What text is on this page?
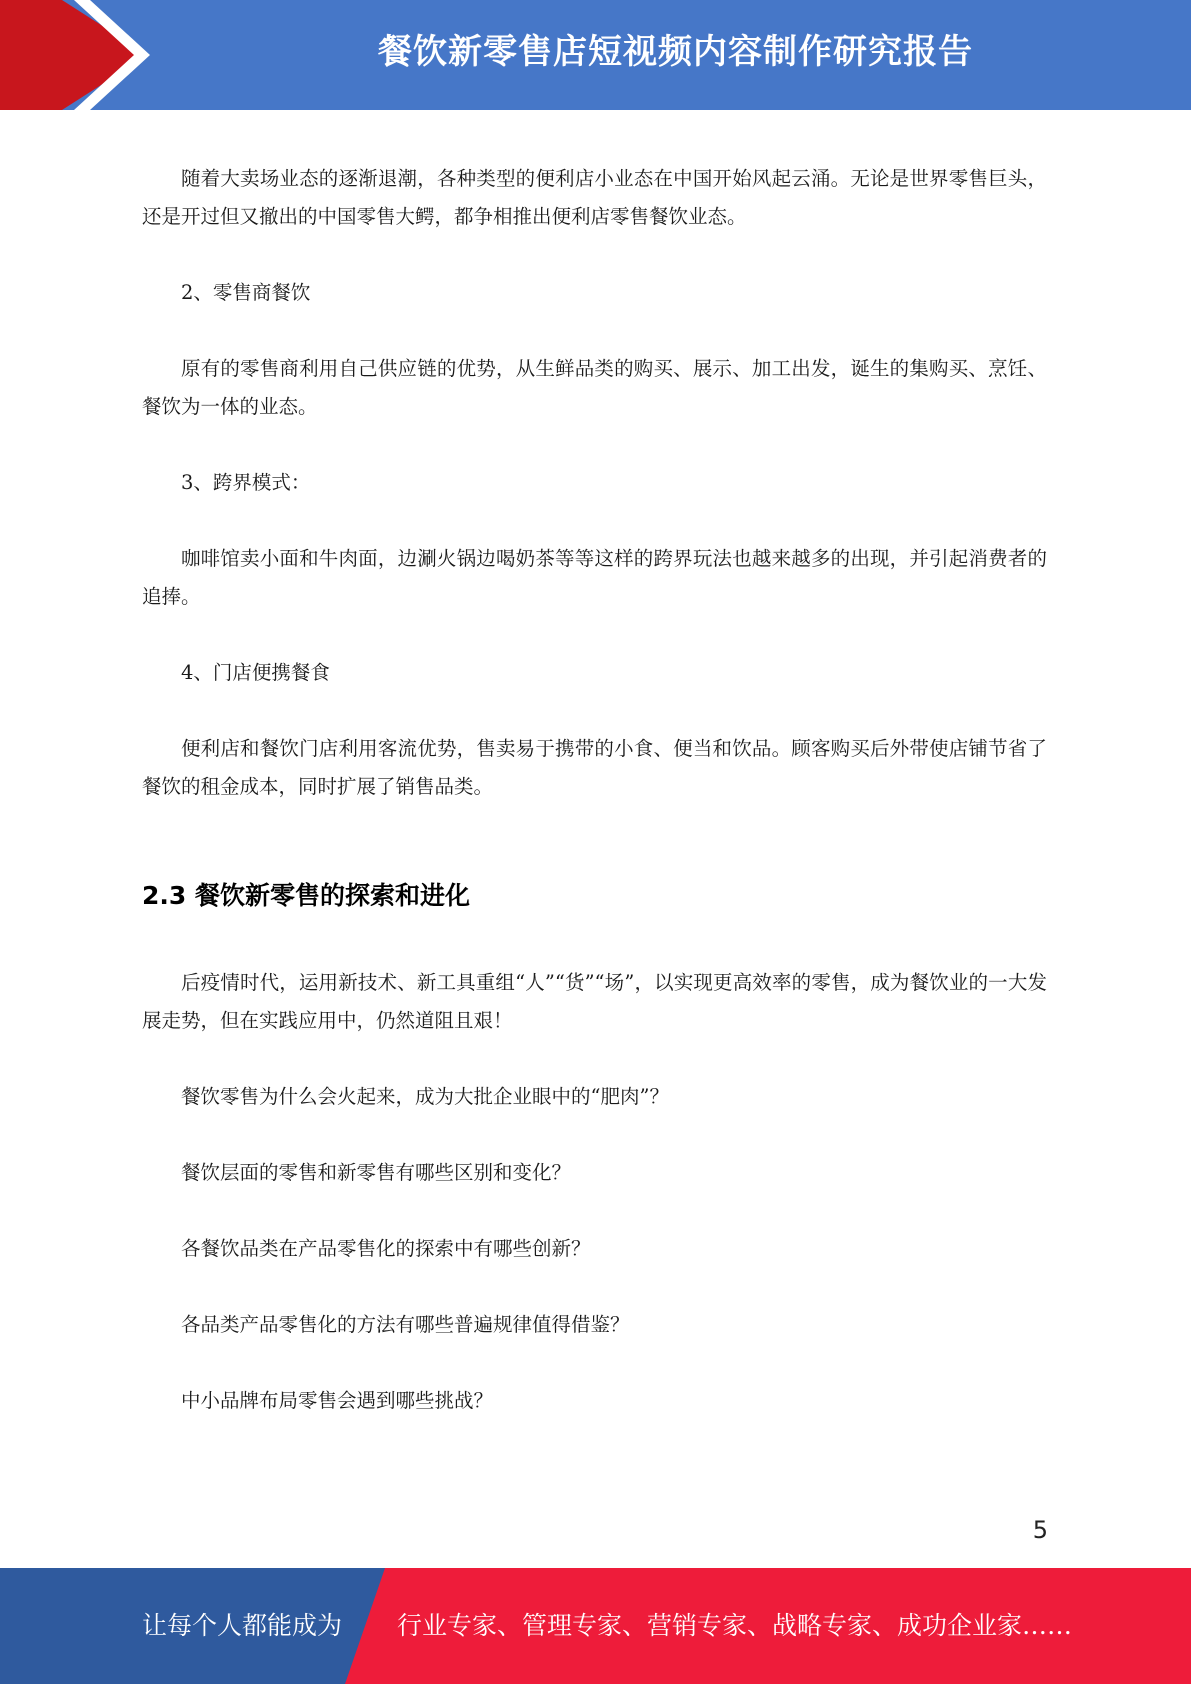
餐饮新零售店短视频内容制作研究报告

随着大卖场业态的逐渐退潮，各种类型的便利店小业态在中国开始风起云涌。无论是世界零售巨头，还是开过但又撤出的中国零售大鳄，都争相推出便利店零售餐饮业态。

2、零售商餐饮

原有的零售商利用自己供应链的优势，从生鲜品类的购买、展示、加工出发，诞生的集购买、烹饪、餐饮为一体的业态。

3、跨界模式：

咖啡馆卖小面和牛肉面，边涮火锅边喝奶茶等等这样的跨界玩法也越来越多的出现，并引起消费者的追捧。

4、门店便携餐食

便利店和餐饮门店利用客流优势，售卖易于携带的小食、便当和饮品。顾客购买后外带使店铺节省了餐饮的租金成本，同时扩展了销售品类。

2.3 餐饮新零售的探索和进化

后疫情时代，运用新技术、新工具重组“人”“货”“场”，以实现更高效率的零售，成为餐饮业的一大发展走势，但在实践应用中，仍然道阻且艰！

餐饮零售为什么会火起来，成为大批企业眼中的“肥肉”？

餐饮层面的零售和新零售有哪些区别和变化？

各餐饮品类在产品零售化的探索中有哪些创新？

各品类产品零售化的方法有哪些普遍规律值得借鉴？

中小品牌布局零售会遇到哪些挑战？

5
让每个人都能成为 行业专家、管理专家、营销专家、战略专家、成功企业家……
